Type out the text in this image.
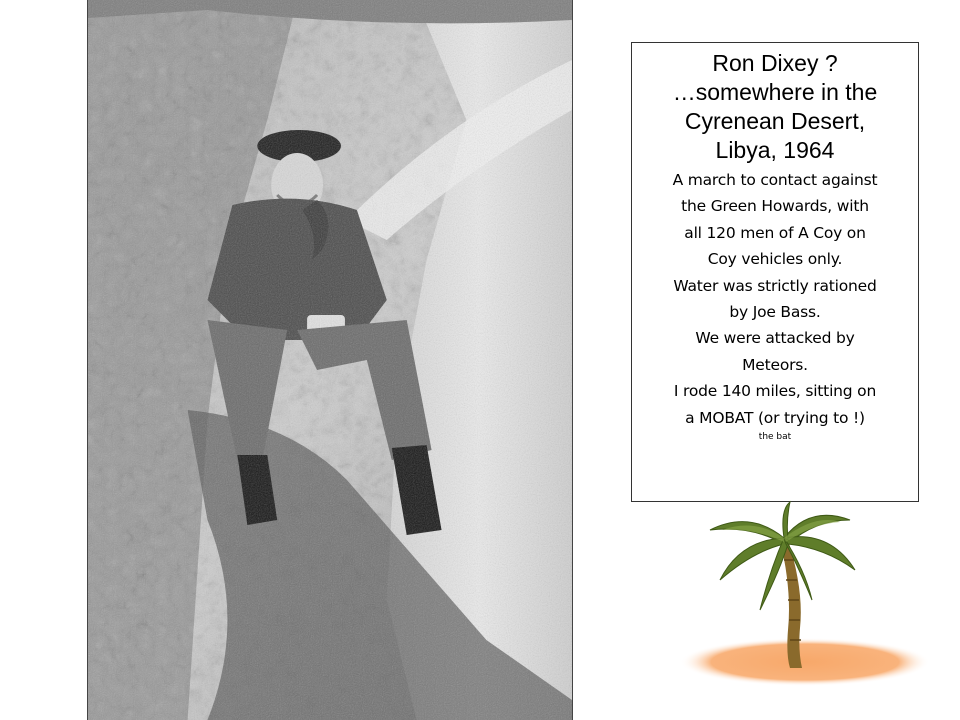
Ron Dixey ?

…somewhere in the

Cyrenean Desert,

Libya, 1964

A march to contact against

the Green Howards, with

all 120 men of A Coy on

Coy vehicles only.

Water was strictly rationed

by Joe Bass.

We were attacked by

Meteors.

I rode 140 miles, sitting on

a MOBAT (or trying to !)

the bat
